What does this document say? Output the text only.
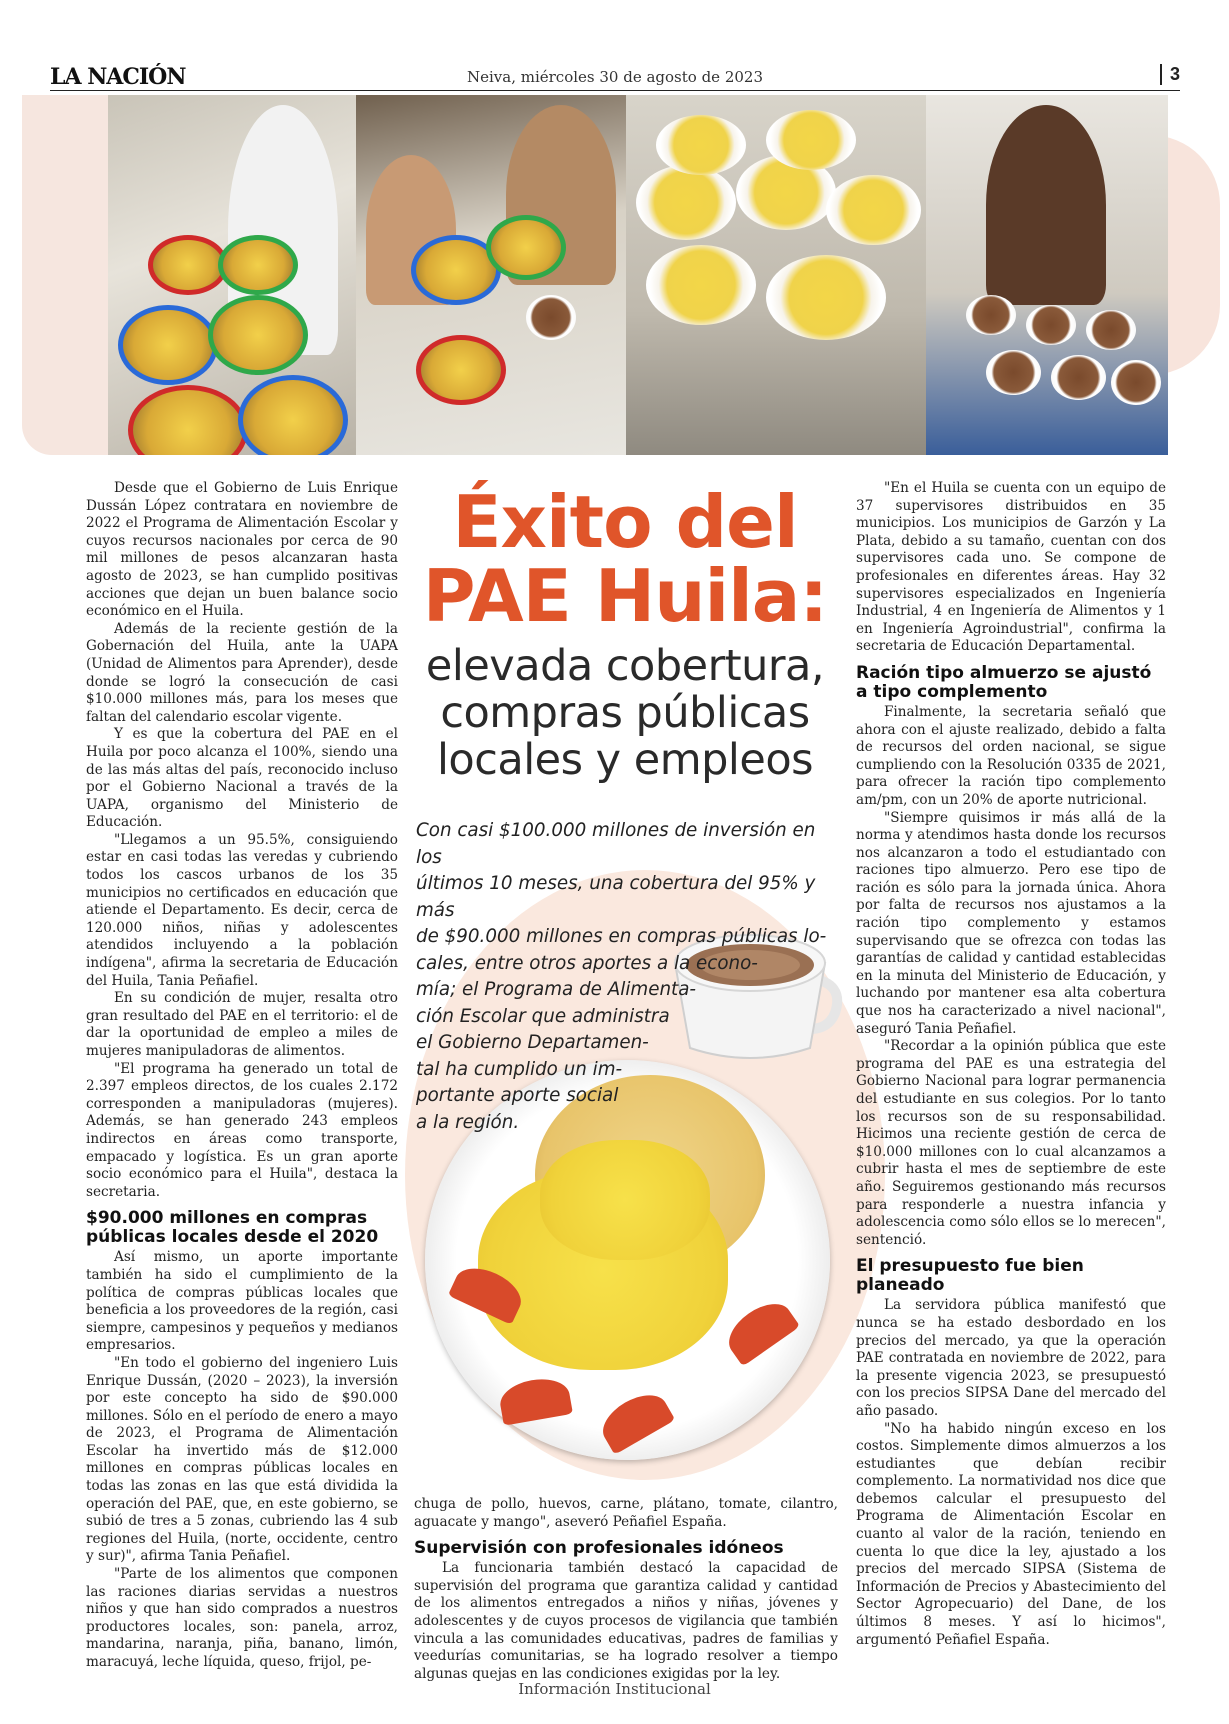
LA NACIÓN	Neiva, miércoles 30 de agosto de 2023	3
Éxito del
PAE Huila:
elevada cobertura,
compras públicas
locales y empleos
Con casi $100.000 millones de inversión en los
últimos 10 meses, una cobertura del 95% y más
de $90.000 millones en compras públicas lo-
cales, entre otros aportes a la econo-
mía; el Programa de Alimenta-
ción Escolar que administra
el Gobierno Departamen-
tal ha cumplido un im-
portante aporte social
a la región.

Desde que el Gobierno de Luis Enrique Dussán López contratara en noviembre de 2022 el Programa de Alimentación Escolar y cuyos recursos nacionales por cerca de 90 mil millones de pesos alcanzaran hasta agosto de 2023, se han cumplido positivas acciones que dejan un buen balance socio económico en el Huila.

Además de la reciente gestión de la Gobernación del Huila, ante la UAPA (Unidad de Alimentos para Aprender), desde donde se logró la consecución de casi $10.000 millones más, para los meses que faltan del calendario escolar vigente.

Y es que la cobertura del PAE en el Huila por poco alcanza el 100%, siendo una de las más altas del país, reconocido incluso por el Gobierno Nacional a través de la UAPA, organismo del Ministerio de Educación.

"Llegamos a un 95.5%, consiguiendo estar en casi todas las veredas y cubriendo todos los cascos urbanos de los 35 municipios no certificados en educación que atiende el Departamento. Es decir, cerca de 120.000 niños, niñas y adolescentes atendidos incluyendo a la población indígena", afirma la secretaria de Educación del Huila, Tania Peñafiel.

En su condición de mujer, resalta otro gran resultado del PAE en el territorio: el de dar la oportunidad de empleo a miles de mujeres manipuladoras de alimentos.

"El programa ha generado un total de 2.397 empleos directos, de los cuales 2.172 corresponden a manipuladoras (mujeres). Además, se han generado 243 empleos indirectos en áreas como transporte, empacado y logística. Es un gran aporte socio económico para el Huila", destaca la secretaria.

$90.000 millones en compras públicas locales desde el 2020

Así mismo, un aporte importante también ha sido el cumplimiento de la política de compras públicas locales que beneficia a los proveedores de la región, casi siempre, campesinos y pequeños y medianos empresarios.

"En todo el gobierno del ingeniero Luis Enrique Dussán, (2020 – 2023), la inversión por este concepto ha sido de $90.000 millones. Sólo en el período de enero a mayo de 2023, el Programa de Alimentación Escolar ha invertido más de $12.000 millones en compras públicas locales en todas las zonas en las que está dividida la operación del PAE, que, en este gobierno, se subió de tres a 5 zonas, cubriendo las 4 sub regiones del Huila, (norte, occidente, centro y sur)", afirma Tania Peñafiel.

"Parte de los alimentos que componen las raciones diarias servidas a nuestros niños y que han sido comprados a nuestros productores locales, son: panela, arroz, mandarina, naranja, piña, banano, limón, maracuyá, leche líquida, queso, frijol, pe-

chuga de pollo, huevos, carne, plátano, tomate, cilantro, aguacate y mango", aseveró Peñafiel España.

Supervisión con profesionales idóneos

La funcionaria también destacó la capacidad de supervisión del programa que garantiza calidad y cantidad de los alimentos entregados a niños y niñas, jóvenes y adolescentes y de cuyos procesos de vigilancia que también vincula a las comunidades educativas, padres de familias y veedurías comunitarias, se ha logrado resolver a tiempo algunas quejas en las condiciones exigidas por la ley.

"En el Huila se cuenta con un equipo de 37 supervisores distribuidos en 35 municipios. Los municipios de Garzón y La Plata, debido a su tamaño, cuentan con dos supervisores cada uno. Se compone de profesionales en diferentes áreas. Hay 32 supervisores especializados en Ingeniería Industrial, 4 en Ingeniería de Alimentos y 1 en Ingeniería Agroindustrial", confirma la secretaria de Educación Departamental.

Ración tipo almuerzo se ajustó a tipo complemento

Finalmente, la secretaria señaló que ahora con el ajuste realizado, debido a falta de recursos del orden nacional, se sigue cumpliendo con la Resolución 0335 de 2021, para ofrecer la ración tipo complemento am/pm, con un 20% de aporte nutricional.

"Siempre quisimos ir más allá de la norma y atendimos hasta donde los recursos nos alcanzaron a todo el estudiantado con raciones tipo almuerzo. Pero ese tipo de ración es sólo para la jornada única. Ahora por falta de recursos nos ajustamos a la ración tipo complemento y estamos supervisando que se ofrezca con todas las garantías de calidad y cantidad establecidas en la minuta del Ministerio de Educación, y luchando por mantener esa alta cobertura que nos ha caracterizado a nivel nacional", aseguró Tania Peñafiel.

"Recordar a la opinión pública que este programa del PAE es una estrategia del Gobierno Nacional para lograr permanencia del estudiante en sus colegios. Por lo tanto los recursos son de su responsabilidad. Hicimos una reciente gestión de cerca de $10.000 millones con lo cual alcanzamos a cubrir hasta el mes de septiembre de este año. Seguiremos gestionando más recursos para responderle a nuestra infancia y adolescencia como sólo ellos se lo merecen", sentenció.

El presupuesto fue bien planeado

La servidora pública manifestó que nunca se ha estado desbordado en los precios del mercado, ya que la operación PAE contratada en noviembre de 2022, para la presente vigencia 2023, se presupuestó con los precios SIPSA Dane del mercado del año pasado.

"No ha habido ningún exceso en los costos. Simplemente dimos almuerzos a los estudiantes que debían recibir complemento. La normatividad nos dice que debemos calcular el presupuesto del Programa de Alimentación Escolar en cuanto al valor de la ración, teniendo en cuenta lo que dice la ley, ajustado a los precios del mercado SIPSA (Sistema de Información de Precios y Abastecimiento del Sector Agropecuario) del Dane, de los últimos 8 meses. Y así lo hicimos", argumentó Peñafiel España.

Información Institucional
